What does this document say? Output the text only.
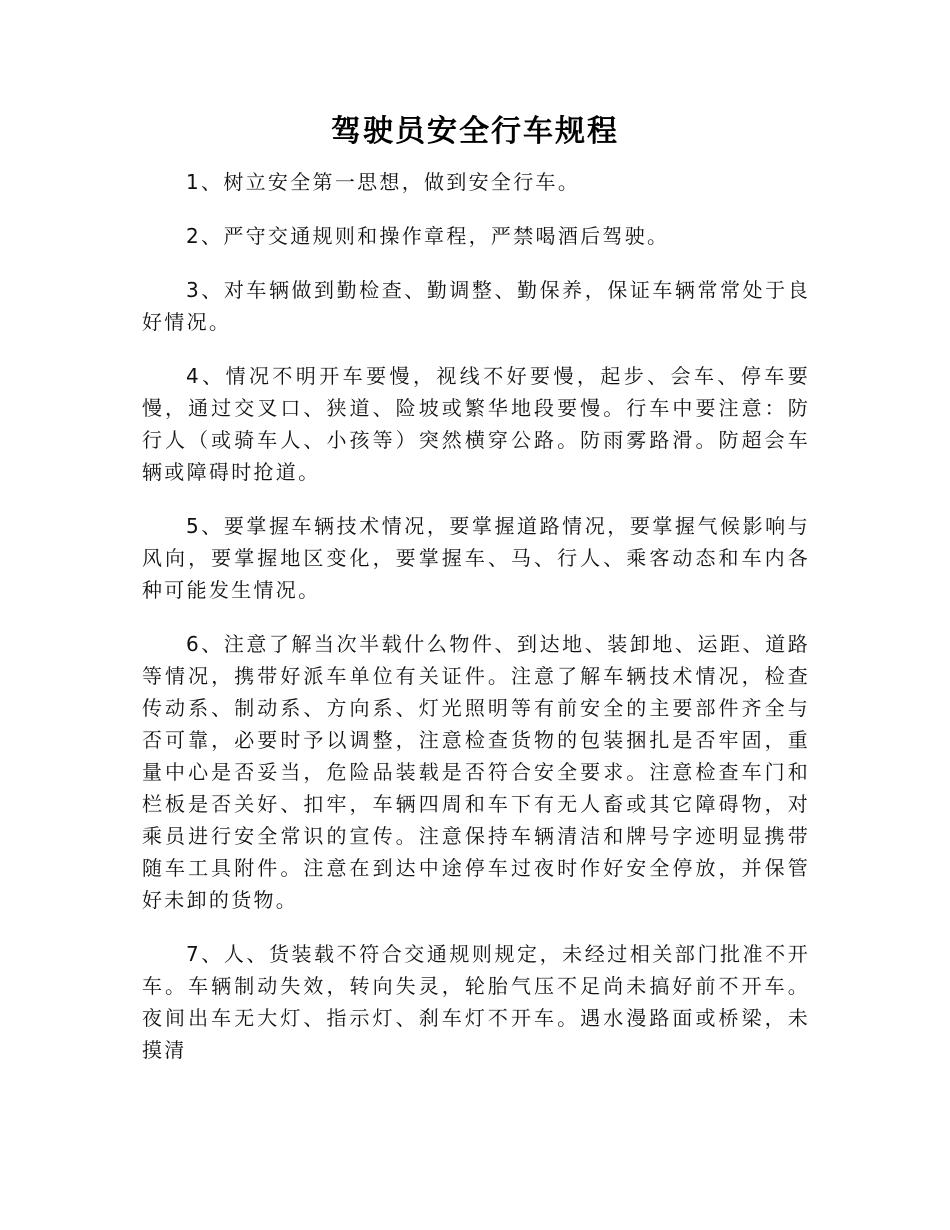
驾驶员安全行车规程

1、树立安全第一思想，做到安全行车。

2、严守交通规则和操作章程，严禁喝酒后驾驶。

3、对车辆做到勤检查、勤调整、勤保养，保证车辆常常处于良好情况。

4、情况不明开车要慢，视线不好要慢，起步、会车、停车要慢，通过交叉口、狭道、险坡或繁华地段要慢。行车中要注意：防行人（或骑车人、小孩等）突然横穿公路。防雨雾路滑。防超会车辆或障碍时抢道。

5、要掌握车辆技术情况，要掌握道路情况，要掌握气候影响与风向，要掌握地区变化，要掌握车、马、行人、乘客动态和车内各种可能发生情况。

6、注意了解当次半载什么物件、到达地、装卸地、运距、道路等情况，携带好派车单位有关证件。注意了解车辆技术情况，检查传动系、制动系、方向系、灯光照明等有前安全的主要部件齐全与否可靠，必要时予以调整，注意检查货物的包装捆扎是否牢固，重量中心是否妥当，危险品装载是否符合安全要求。注意检查车门和栏板是否关好、扣牢，车辆四周和车下有无人畜或其它障碍物，对乘员进行安全常识的宣传。注意保持车辆清洁和牌号字迹明显携带随车工具附件。注意在到达中途停车过夜时作好安全停放，并保管好未卸的货物。

7、人、货装载不符合交通规则规定，未经过相关部门批准不开车。车辆制动失效，转向失灵，轮胎气压不足尚未搞好前不开车。夜间出车无大灯、指示灯、刹车灯不开车。遇水漫路面或桥梁，未摸清
